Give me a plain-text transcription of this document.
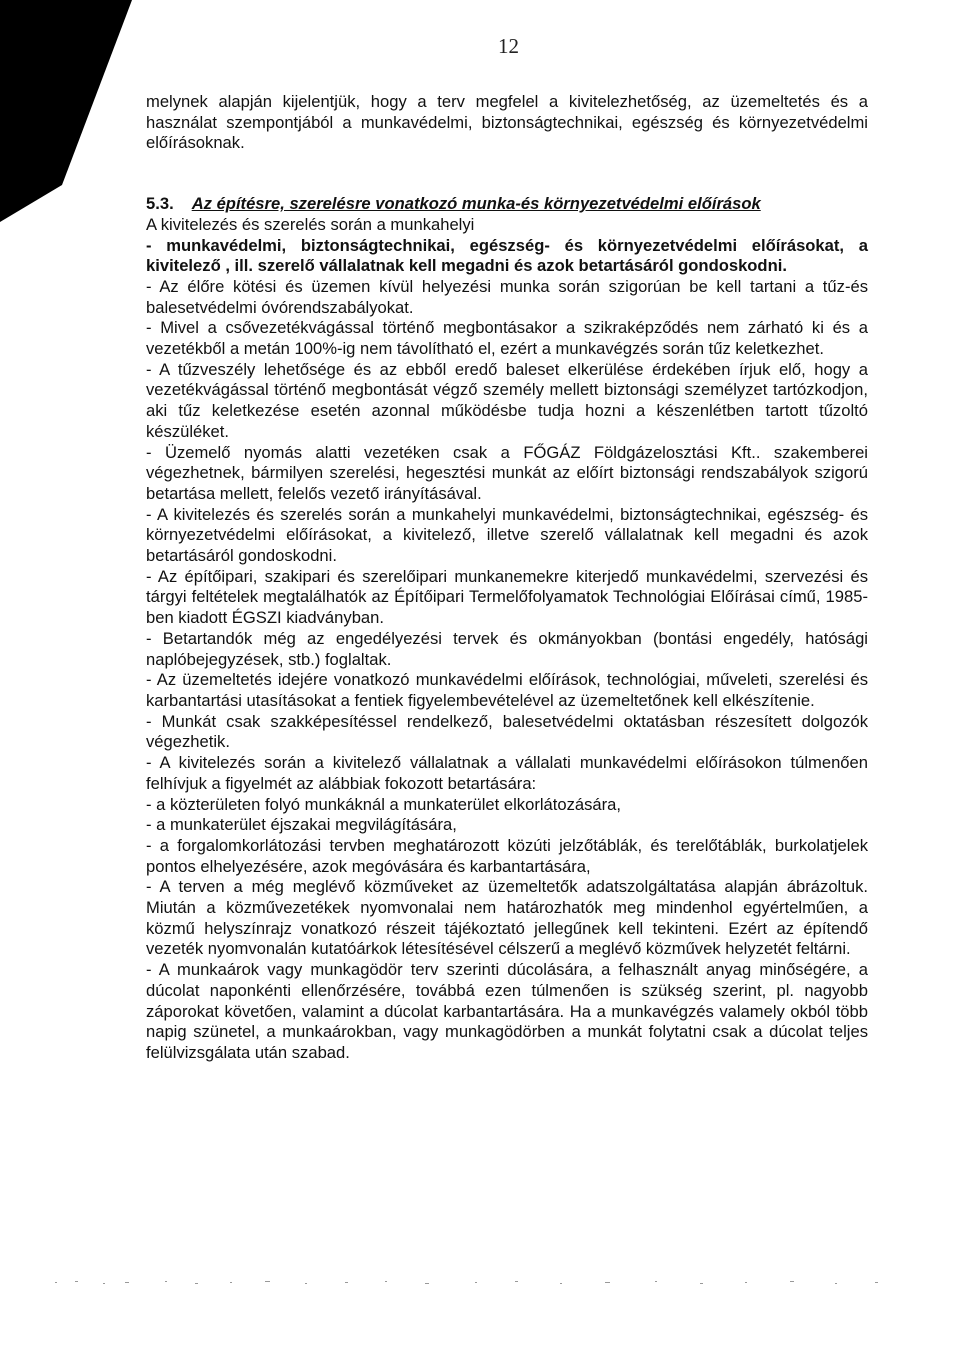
12

melynek alapján kijelentjük, hogy a terv megfelel a kivitelezhetőség, az üzemeltetés és a használat szempontjából a munkavédelmi, biztonságtechnikai, egészség és környezetvédelmi előírásoknak.

5.3. Az építésre, szerelésre vonatkozó munka-és környezetvédelmi előírások

A kivitelezés és szerelés során a munkahelyi

- munkavédelmi, biztonságtechnikai, egészség- és környezetvédelmi előírásokat, a kivitelező , ill. szerelő vállalatnak kell megadni és azok betartásáról gondoskodni.

- Az élőre kötési és üzemen kívül helyezési munka során szigorúan be kell tartani a tűz-és balesetvédelmi óvórendszabályokat.

- Mivel a csővezetékvágással történő megbontásakor a szikraképződés nem zárható ki és a vezetékből a metán 100%-ig nem távolítható el, ezért a munkavégzés során tűz keletkezhet.

- A tűzveszély lehetősége és az ebből eredő baleset elkerülése érdekében írjuk elő, hogy a vezetékvágással történő megbontását végző személy mellett biztonsági személyzet tartózkodjon, aki tűz keletkezése esetén azonnal működésbe tudja hozni a készenlétben tartott tűzoltó készüléket.

- Üzemelő nyomás alatti vezetéken csak a FŐGÁZ Földgázelosztási Kft.. szakemberei végezhetnek, bármilyen szerelési, hegesztési munkát az előírt biztonsági rendszabályok szigorú betartása mellett, felelős vezető irányításával.

- A kivitelezés és szerelés során a munkahelyi munkavédelmi, biztonságtechnikai, egészség- és környezetvédelmi előírásokat, a kivitelező, illetve szerelő vállalatnak kell megadni és azok betartásáról gondoskodni.

- Az építőipari, szakipari és szerelőipari munkanemekre kiterjedő munkavédelmi, szervezési és tárgyi feltételek megtalálhatók az Építőipari Termelőfolyamatok Technológiai Előírásai című, 1985-ben kiadott ÉGSZI kiadványban.

- Betartandók még az engedélyezési tervek és okmányokban (bontási engedély, hatósági naplóbejegyzések, stb.) foglaltak.

- Az üzemeltetés idejére vonatkozó munkavédelmi előírások, technológiai, műveleti, szerelési és karbantartási utasításokat a fentiek figyelembevételével az üzemeltetőnek kell elkészítenie.

- Munkát csak szakképesítéssel rendelkező, balesetvédelmi oktatásban részesített dolgozók végezhetik.

- A kivitelezés során a kivitelező vállalatnak a vállalati munkavédelmi előírásokon túlmenően felhívjuk a figyelmét az alábbiak fokozott betartására:

- a közterületen folyó munkáknál a munkaterület elkorlátozására,

- a munkaterület éjszakai megvilágítására,

- a forgalomkorlátozási tervben meghatározott közúti jelzőtáblák, és terelőtáblák, burkolatjelek pontos elhelyezésére, azok megóvására és karbantartására,

- A terven a még meglévő közműveket az üzemeltetők adatszolgáltatása alapján ábrázoltuk. Miután a közművezetékek nyomvonalai nem határozhatók meg mindenhol egyértelműen, a közmű helyszínrajz vonatkozó részeit tájékoztató jellegűnek kell tekinteni. Ezért az építendő vezeték nyomvonalán kutatóárkok létesítésével célszerű a meglévő közművek helyzetét feltárni.

- A munkaárok vagy munkagödör terv szerinti dúcolására, a felhasznált anyag minőségére, a dúcolat naponkénti ellenőrzésére, továbbá ezen túlmenően is szükség szerint, pl. nagyobb záporokat követően, valamint a dúcolat karbantartására. Ha a munkavégzés valamely okból több napig szünetel, a munkaárokban, vagy munkagödörben a munkát folytatni csak a dúcolat teljes felülvizsgálata után szabad.
